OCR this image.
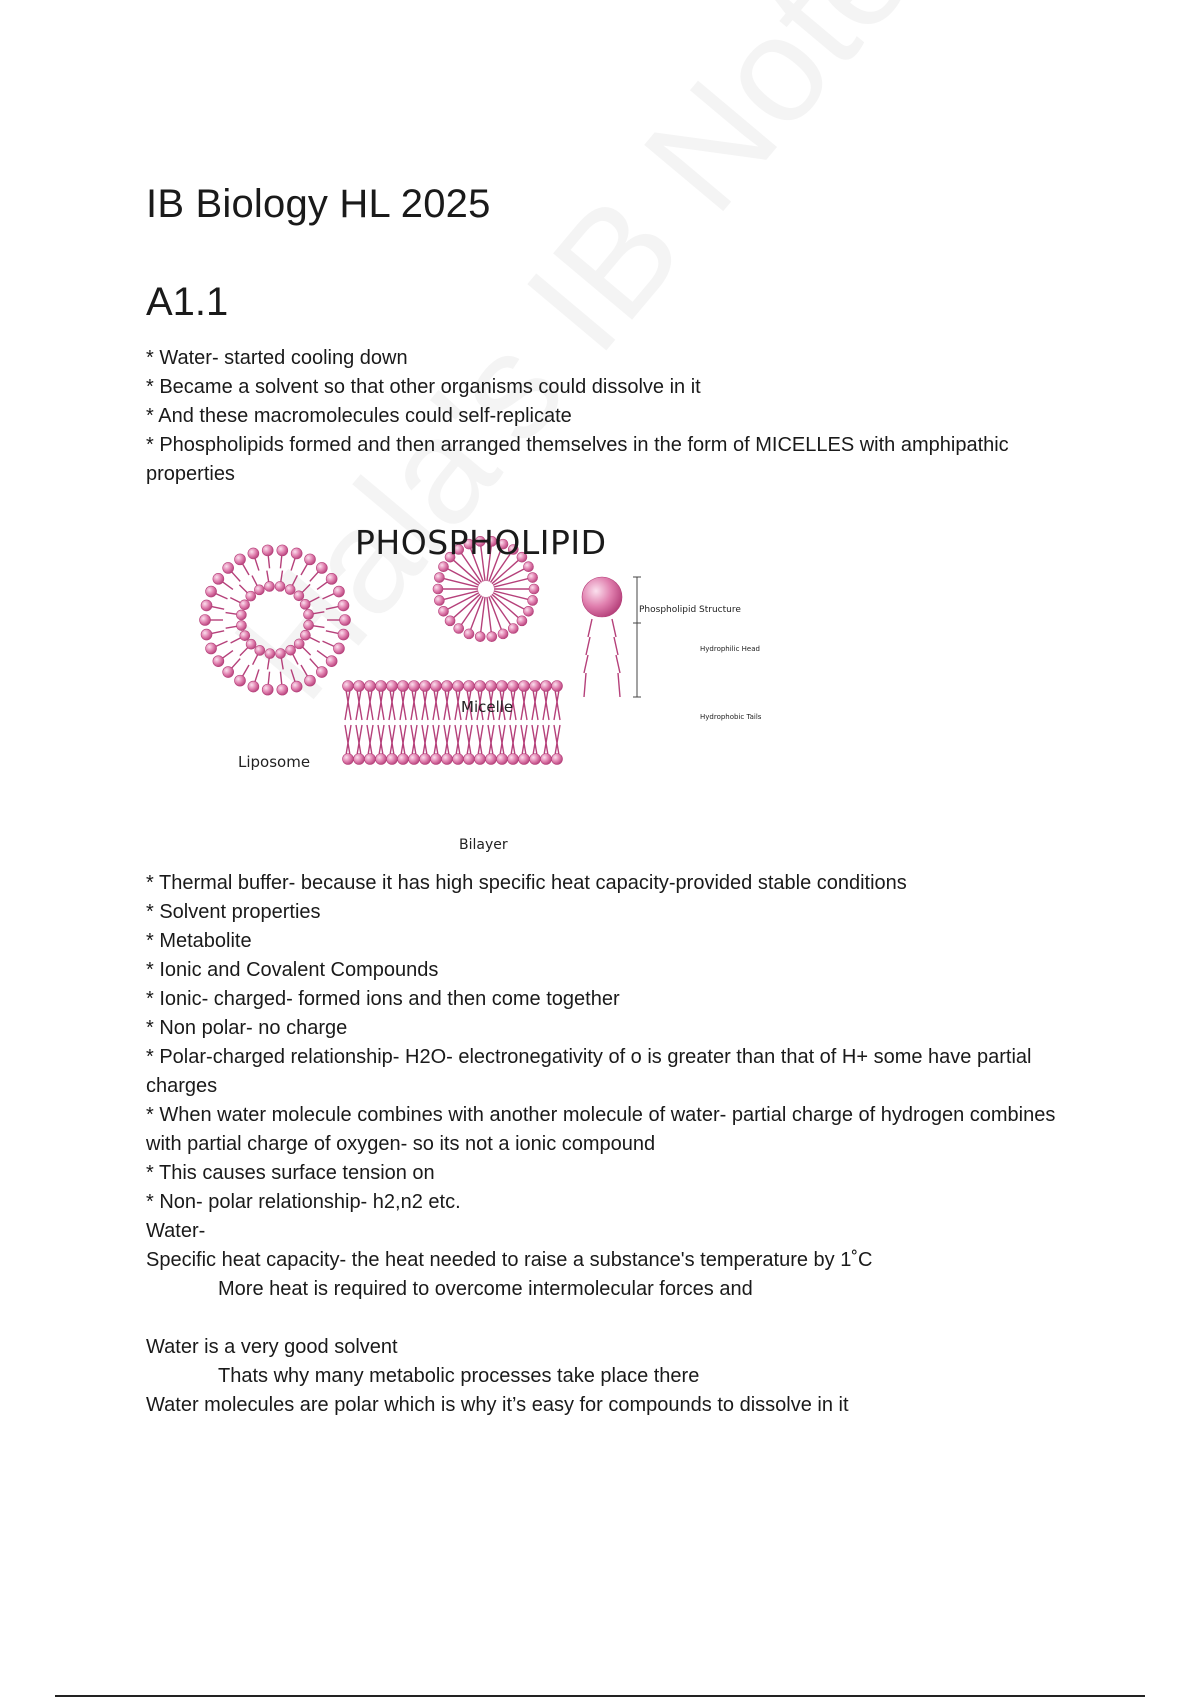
IB Biology HL 2025
A1.1

* Water- started cooling down

* Became a solvent so that other organisms could dissolve in it

* And these macromolecules could self-replicate

* Phospholipids formed and then arranged themselves in the form of MICELLES with amphipathic properties

PHOSPHOLIPID
Liposome
Micelle
Bilayer
Phospholipid Structure
Hydrophilic Head
Hydrophobic Tails

* Thermal buffer- because it has high specific heat capacity-provided stable conditions

* Solvent properties

* Metabolite

* Ionic and Covalent Compounds

* Ionic- charged- formed ions and then come together

* Non polar- no charge

* Polar-charged relationship- H2O- electronegativity of o is greater than that of H+ some have partial charges

* When water molecule combines with another molecule of water- partial charge of hydrogen combines with partial charge of oxygen- so its not a ionic compound

* This causes surface tension on

* Non- polar relationship- h2,n2 etc.

Water-

Specific heat capacity- the heat needed to raise a substance's temperature by 1˚C

More heat is required to overcome intermolecular forces and

Water is a very good solvent

Thats why many metabolic processes take place there

Water molecules are polar which is why it’s easy for compounds to dissolve in it
